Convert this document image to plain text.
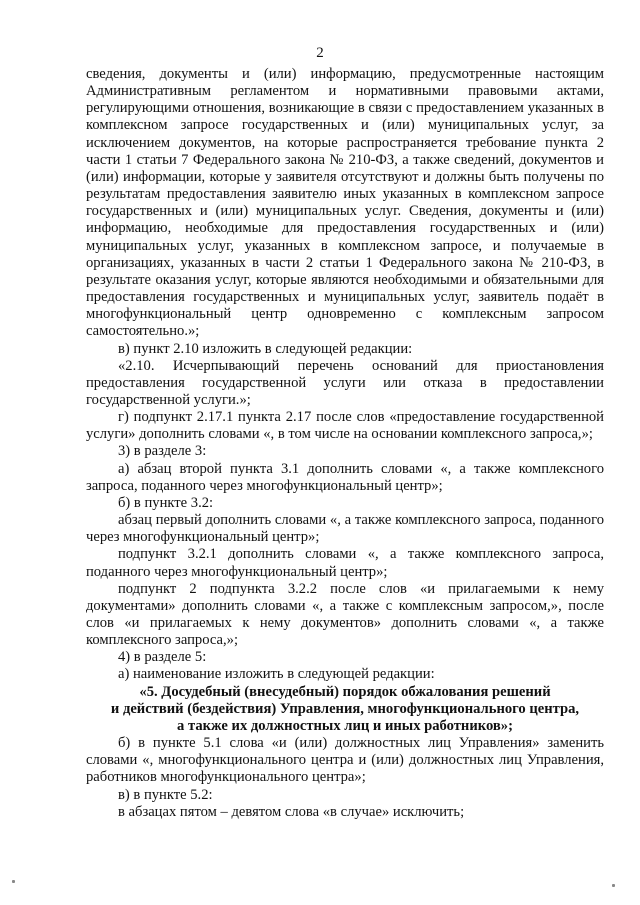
2

сведения, документы и (или) информацию, предусмотренные настоящим Административным регламентом и нормативными правовыми актами, регулирующими отношения, возникающие в связи с предоставлением указанных в комплексном запросе государственных и (или) муниципальных услуг, за исключением документов, на которые распространяется требование пункта 2 части 1 статьи 7 Федерального закона № 210-ФЗ, а также сведений, документов и (или) информации, которые у заявителя отсутствуют и должны быть получены по результатам предоставления заявителю иных указанных в комплексном запросе государственных и (или) муниципальных услуг. Сведения, документы и (или) информацию, необходимые для предоставления государственных и (или) муниципальных услуг, указанных в комплексном запросе, и получаемые в организациях, указанных в части 2 статьи 1 Федерального закона № 210-ФЗ, в результате оказания услуг, которые являются необходимыми и обязательными для предоставления государственных и муниципальных услуг, заявитель подаёт в многофункциональный центр одновременно с комплексным запросом самостоятельно.»;

в) пункт 2.10 изложить в следующей редакции:

«2.10. Исчерпывающий перечень оснований для приостановления предоставления государственной услуги или отказа в предоставлении государственной услуги.»;

г) подпункт 2.17.1 пункта 2.17 после слов «предоставление государственной услуги» дополнить словами «, в том числе на основании комплексного запроса,»;

3) в разделе 3:

а) абзац второй пункта 3.1 дополнить словами «, а также комплексного запроса, поданного через многофункциональный центр»;

б) в пункте 3.2:

абзац первый дополнить словами «, а также комплексного запроса, поданного через многофункциональный центр»;

подпункт 3.2.1 дополнить словами «, а также комплексного запроса, поданного через многофункциональный центр»;

подпункт 2 подпункта 3.2.2 после слов «и прилагаемыми к нему документами» дополнить словами «, а также с комплексным запросом,», после слов «и прилагаемых к нему документов» дополнить словами «, а также комплексного запроса,»;

4) в разделе 5:

а) наименование изложить в следующей редакции:

«5. Досудебный (внесудебный) порядок обжалования решений

и действий (бездействия) Управления, многофункционального центра,

а также их должностных лиц и иных работников»;

б) в пункте 5.1 слова «и (или) должностных лиц Управления» заменить словами «, многофункционального центра и (или) должностных лиц Управления, работников многофункционального центра»;

в) в пункте 5.2:

в абзацах пятом – девятом слова «в случае» исключить;
